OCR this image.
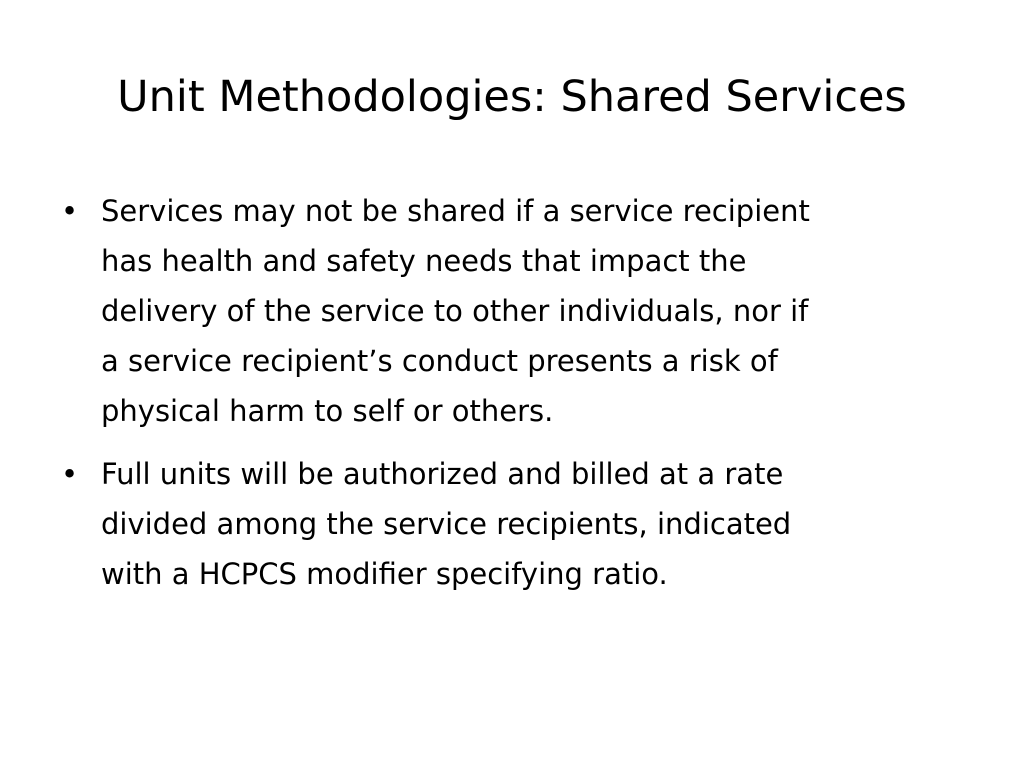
Unit Methodologies: Shared Services
• Services may not be shared if a service recipient
has health and safety needs that impact the
delivery of the service to other individuals, nor if
a service recipient’s conduct presents a risk of
physical harm to self or others.
• Full units will be authorized and billed at a rate
divided among the service recipients, indicated
with a HCPCS modifier specifying ratio.
